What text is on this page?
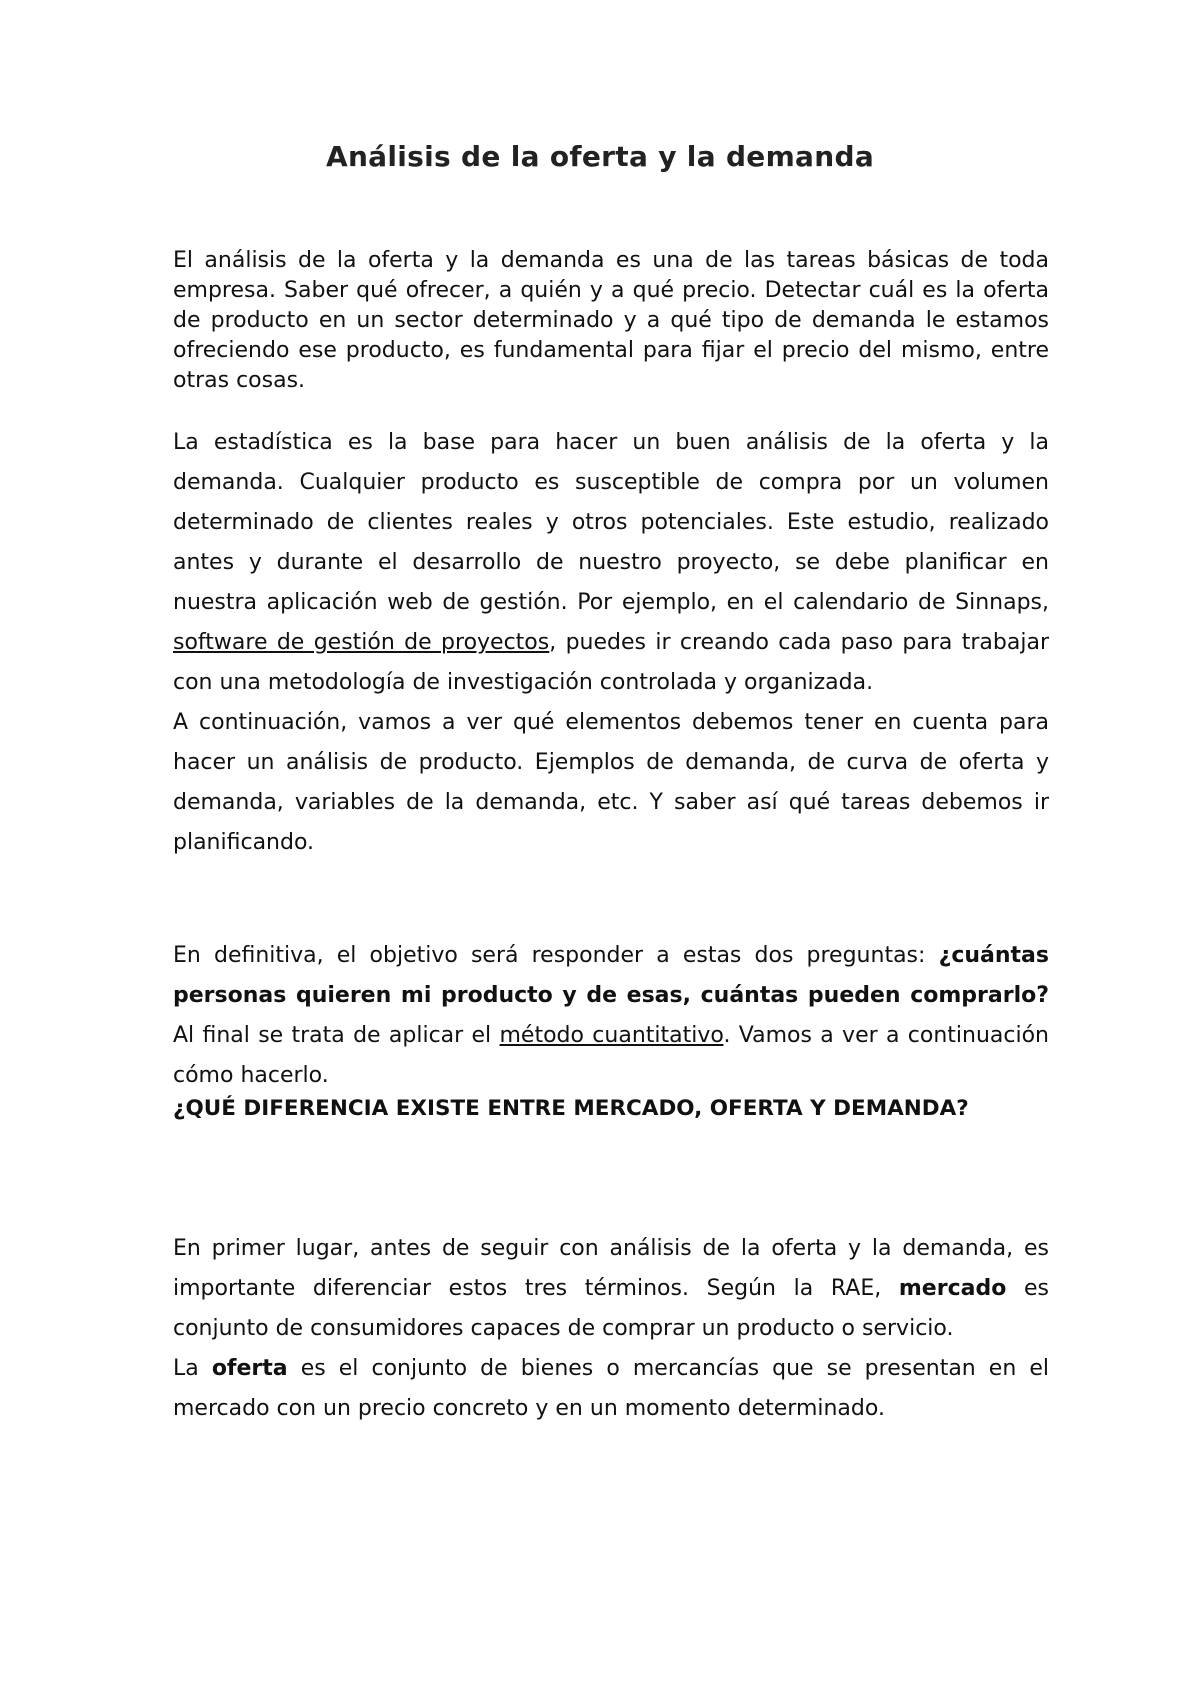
Análisis de la oferta y la demanda

El análisis de la oferta y la demanda es una de las tareas básicas de toda empresa. Saber qué ofrecer, a quién y a qué precio. Detectar cuál es la oferta de producto en un sector determinado y a qué tipo de demanda le estamos ofreciendo ese producto, es fundamental para fijar el precio del mismo, entre otras cosas.

La estadística es la base para hacer un buen análisis de la oferta y la demanda. Cualquier producto es susceptible de compra por un volumen determinado de clientes reales y otros potenciales. Este estudio, realizado antes y durante el desarrollo de nuestro proyecto, se debe planificar en nuestra aplicación web de gestión. Por ejemplo, en el calendario de Sinnaps, software de gestión de proyectos, puedes ir creando cada paso para trabajar con una metodología de investigación controlada y organizada.

A continuación, vamos a ver qué elementos debemos tener en cuenta para hacer un análisis de producto. Ejemplos de demanda, de curva de oferta y demanda, variables de la demanda, etc. Y saber así qué tareas debemos ir planificando.

En definitiva, el objetivo será responder a estas dos preguntas: ¿cuántas personas quieren mi producto y de esas, cuántas pueden comprarlo? Al final se trata de aplicar el método cuantitativo. Vamos a ver a continuación cómo hacerlo.

¿QUÉ DIFERENCIA EXISTE ENTRE MERCADO, OFERTA Y DEMANDA?

En primer lugar, antes de seguir con análisis de la oferta y la demanda, es importante diferenciar estos tres términos. Según la RAE, mercado es conjunto de consumidores capaces de comprar un producto o servicio.

La oferta es el conjunto de bienes o mercancías que se presentan en el mercado con un precio concreto y en un momento determinado.
